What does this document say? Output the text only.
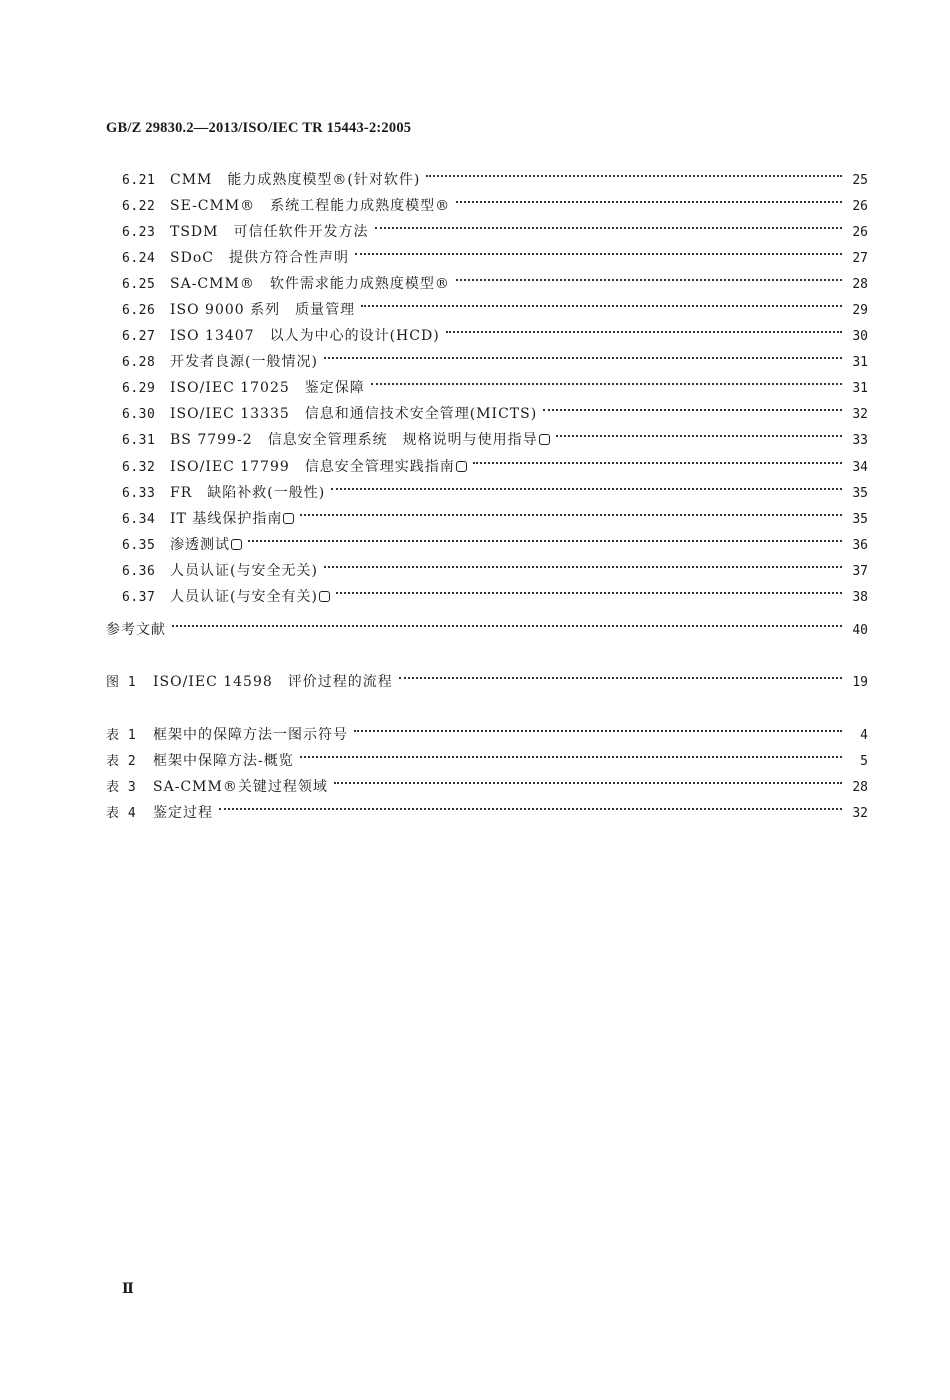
GB/Z 29830.2—2013/ISO/IEC TR 15443-2:2005
6.21	CMM　能力成熟度模型®(针对软件)	25
6.22	SE-CMM®　系统工程能力成熟度模型®	26
6.23	TSDM　可信任软件开发方法	26
6.24	SDoC　提供方符合性声明	27
6.25	SA-CMM®　软件需求能力成熟度模型®	28
6.26	ISO 9000 系列　质量管理	29
6.27	ISO 13407　以人为中心的设计(HCD)	30
6.28	开发者良源(一般情况)	31
6.29	ISO/IEC 17025　鉴定保障	31
6.30	ISO/IEC 13335　信息和通信技术安全管理(MICTS)	32
6.31	BS 7799-2　信息安全管理系统　规格说明与使用指导	33
6.32	ISO/IEC 17799　信息安全管理实践指南	34
6.33	FR　缺陷补救(一般性)	35
6.34	IT 基线保护指南	35
6.35	渗透测试	36
6.36	人员认证(与安全无关)	37
6.37	人员认证(与安全有关)	38
参考文献	40
图 1	ISO/IEC 14598　评价过程的流程	19
表 1	框架中的保障方法一图示符号	4
表 2	框架中保障方法-概览	5
表 3	SA-CMM®关键过程领域	28
表 4	鉴定过程	32
Ⅱ
